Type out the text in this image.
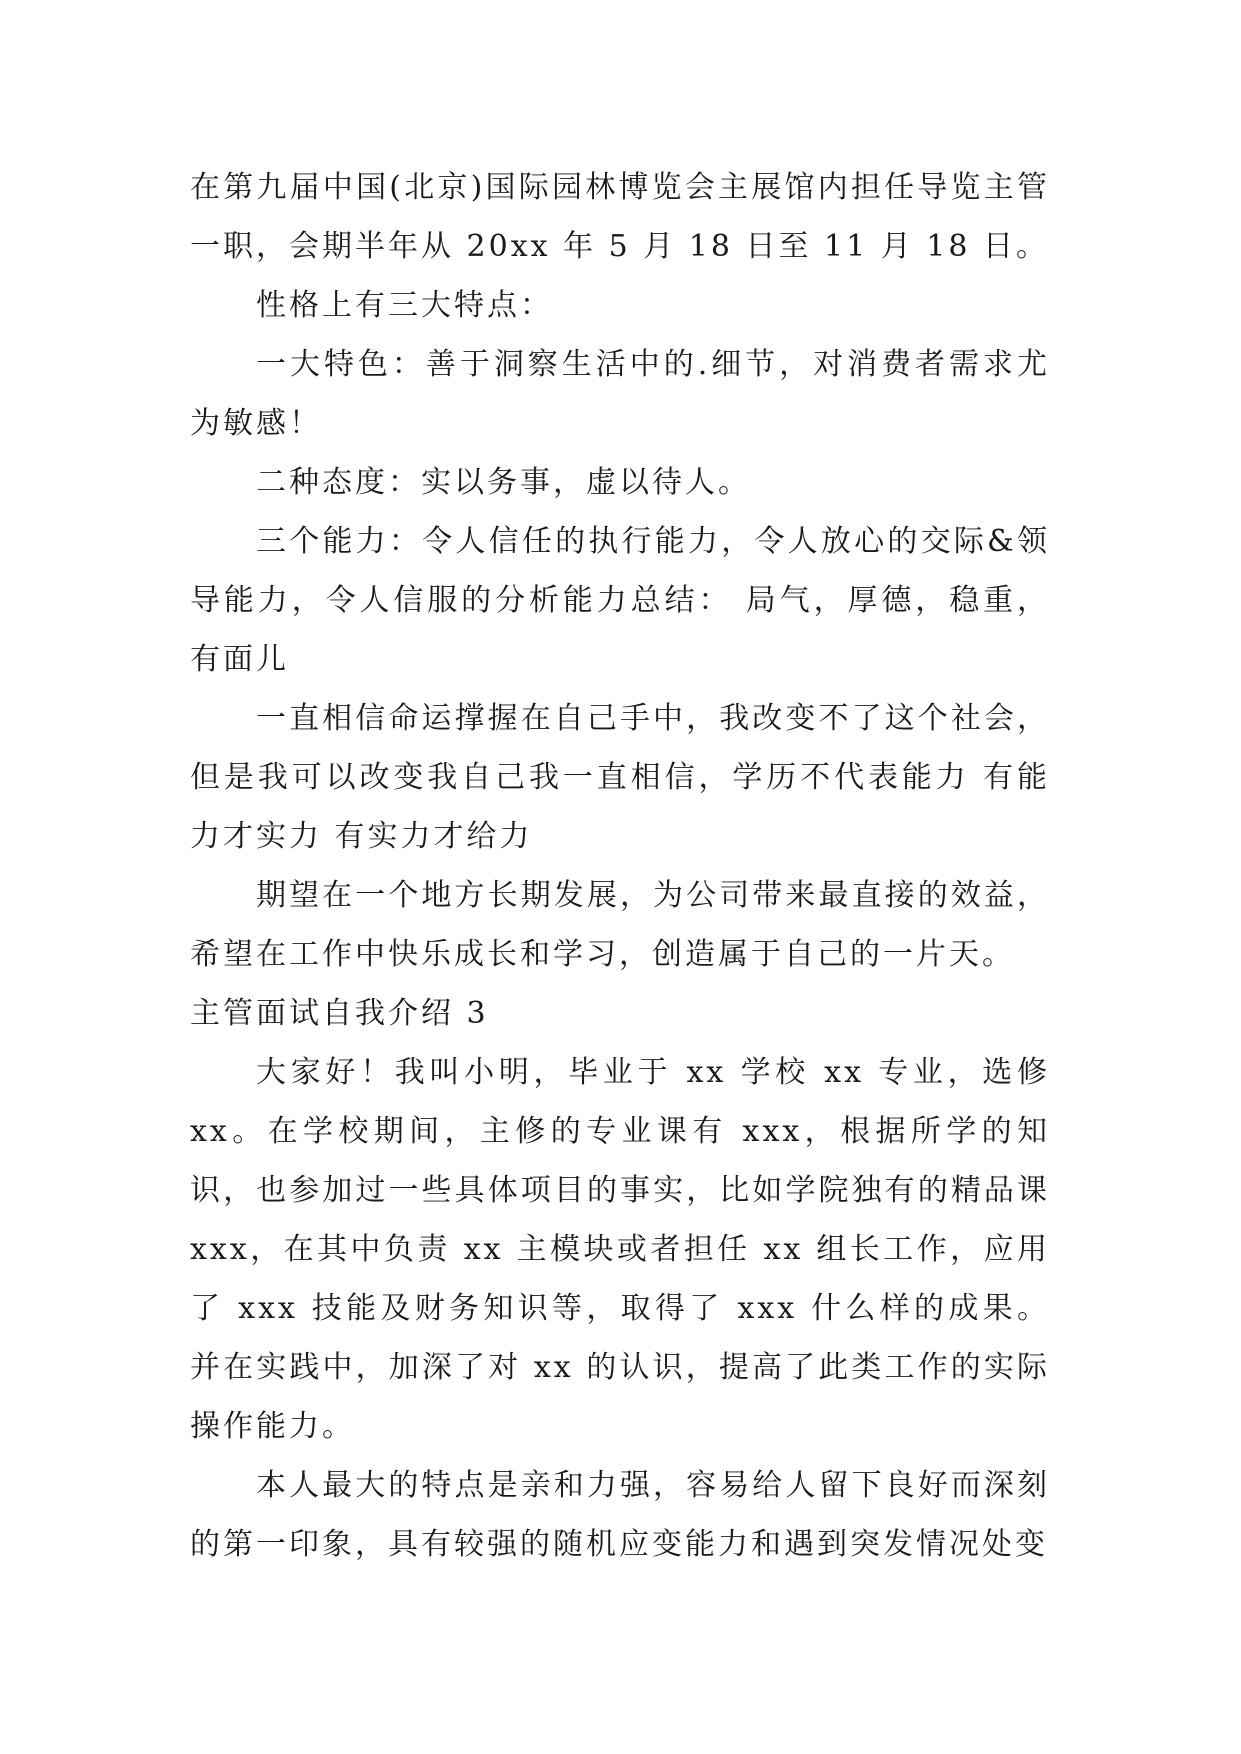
在第九届中国(北京)国际园林博览会主展馆内担任导览主管一职，会期半年从 20xx 年 5 月 18 日至 11 月 18 日。

性格上有三大特点：

一大特色：善于洞察生活中的.细节，对消费者需求尤为敏感！

二种态度：实以务事，虚以待人。

三个能力：令人信任的执行能力，令人放心的交际&领导能力，令人信服的分析能力总结： 局气，厚德，稳重，有面儿

一直相信命运撑握在自己手中，我改变不了这个社会，但是我可以改变我自己我一直相信，学历不代表能力 有能力才实力 有实力才给力

期望在一个地方长期发展，为公司带来最直接的效益，希望在工作中快乐成长和学习，创造属于自己的一片天。

主管面试自我介绍 3

大家好！我叫小明，毕业于 xx 学校 xx 专业，选修 xx。在学校期间，主修的专业课有 xxx，根据所学的知识，也参加过一些具体项目的事实，比如学院独有的精品课 xxx，在其中负责 xx 主模块或者担任 xx 组长工作，应用了 xxx 技能及财务知识等，取得了 xxx 什么样的成果。并在实践中，加深了对 xx 的认识，提高了此类工作的实际操作能力。

本人最大的特点是亲和力强，容易给人留下良好而深刻的第一印象，具有较强的随机应变能力和遇到突发情况处变
